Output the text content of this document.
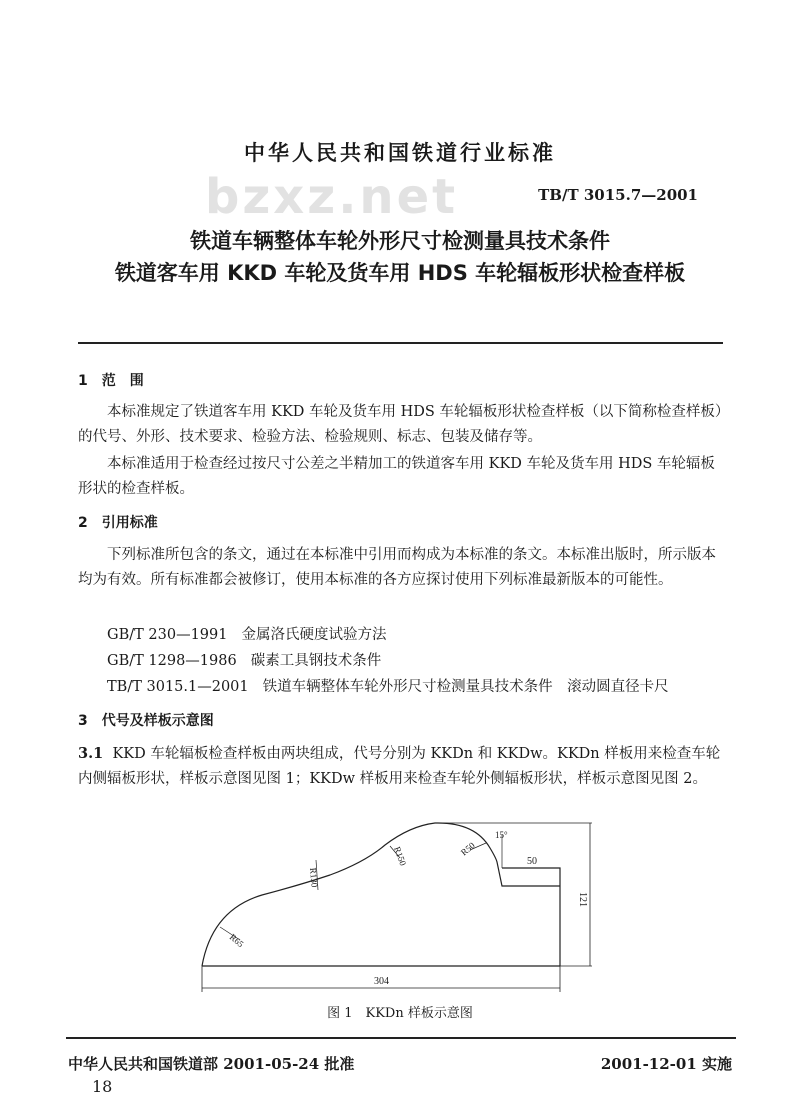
bzxz.net
中华人民共和国铁道行业标准
TB/T 3015.7—2001
铁道车辆整体车轮外形尺寸检测量具技术条件
铁道客车用 KKD 车轮及货车用 HDS 车轮辐板形状检查样板
1　范　围
本标准规定了铁道客车用 KKD 车轮及货车用 HDS 车轮辐板形状检查样板（以下简称检查样板）的代号、外形、技术要求、检验方法、检验规则、标志、包装及储存等。
本标准适用于检查经过按尺寸公差之半精加工的铁道客车用 KKD 车轮及货车用 HDS 车轮辐板形状的检查样板。
2　引用标准
下列标准所包含的条文，通过在本标准中引用而构成为本标准的条文。本标准出版时，所示版本均为有效。所有标准都会被修订，使用本标准的各方应探讨使用下列标准最新版本的可能性。
GB/T 230—1991 金属洛氏硬度试验方法
GB/T 1298—1986 碳素工具钢技术条件
TB/T 3015.1—2001 铁道车辆整体车轮外形尺寸检测量具技术条件　滚动圆直径卡尺
3　代号及样板示意图
3.1 KKD 车轮辐板检查样板由两块组成，代号分别为 KKDn 和 KKDw。KKDn 样板用来检查车轮内侧辐板形状，样板示意图见图 1；KKDw 样板用来检查车轮外侧辐板形状，样板示意图见图 2。
R65
R130
R150	R50
15°
50
121
304
图 1　KKDn 样板示意图
中华人民共和国铁道部 2001-05-24 批准	2001-12-01 实施
18
